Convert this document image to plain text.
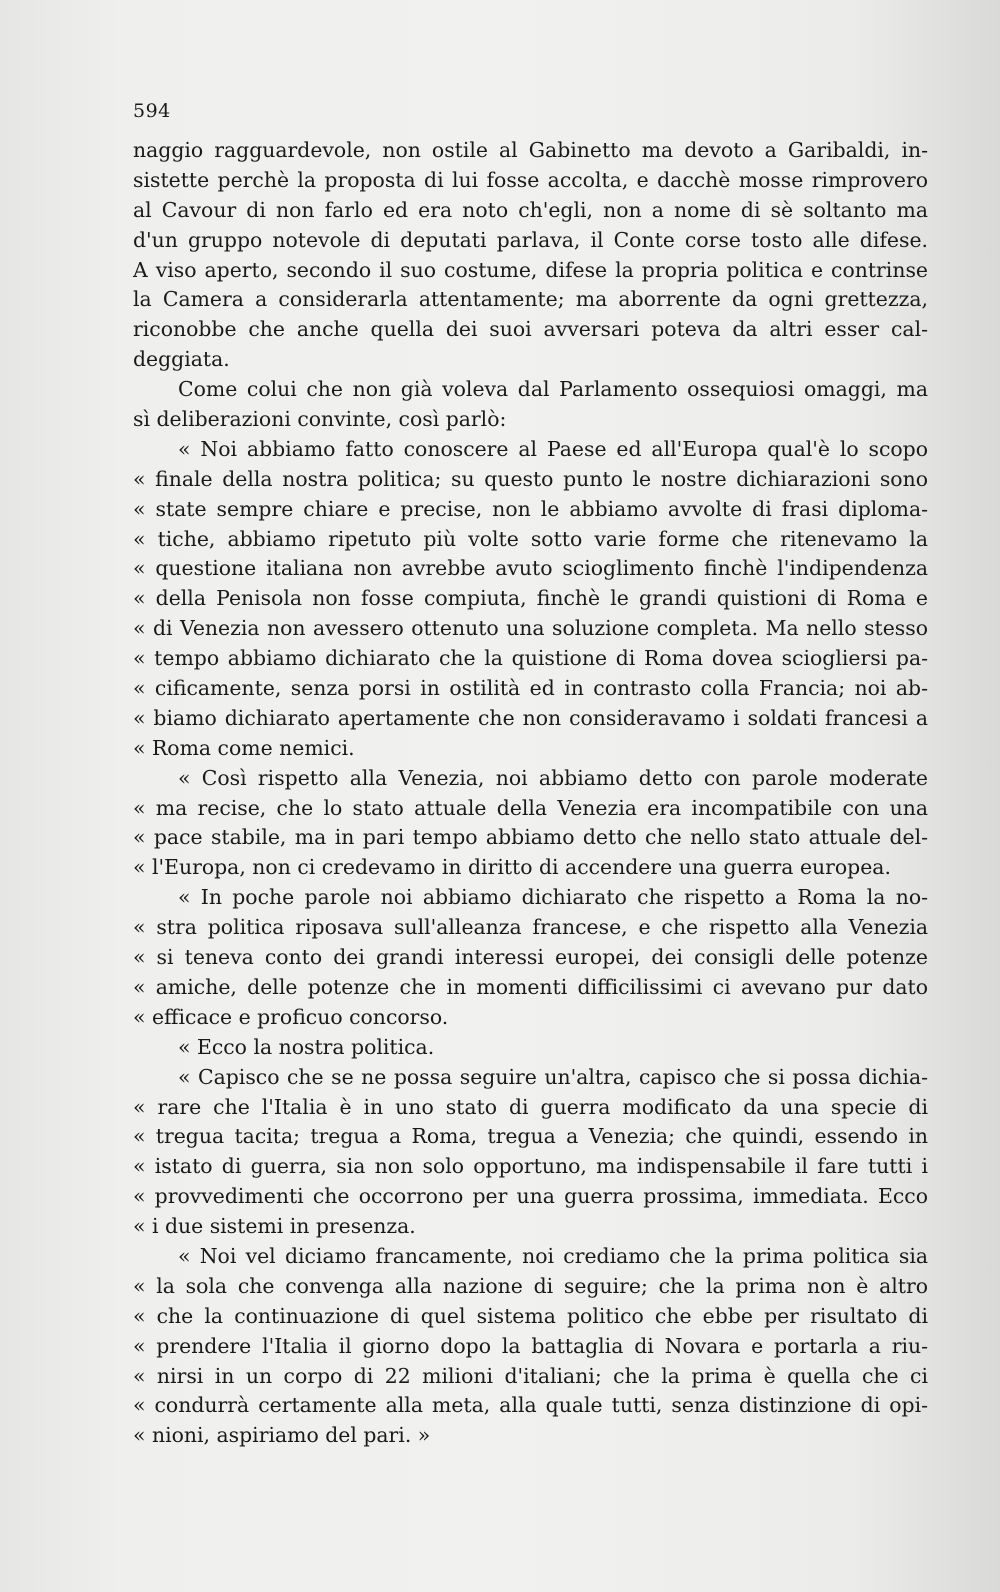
594
naggio ragguardevole, non ostile al Gabinetto ma devoto a Garibaldi, in-
sistette perchè la proposta di lui fosse accolta, e dacchè mosse rimprovero
al Cavour di non farlo ed era noto ch'egli, non a nome di sè soltanto ma
d'un gruppo notevole di deputati parlava, il Conte corse tosto alle difese.
A viso aperto, secondo il suo costume, difese la propria politica e contrinse
la Camera a considerarla attentamente; ma aborrente da ogni grettezza,
riconobbe che anche quella dei suoi avversari poteva da altri esser cal-
deggiata.
Come colui che non già voleva dal Parlamento ossequiosi omaggi, ma
sì deliberazioni convinte, così parlò:
« Noi abbiamo fatto conoscere al Paese ed all'Europa qual'è lo scopo
« finale della nostra politica; su questo punto le nostre dichiarazioni sono
« state sempre chiare e precise, non le abbiamo avvolte di frasi diploma-
« tiche, abbiamo ripetuto più volte sotto varie forme che ritenevamo la
« questione italiana non avrebbe avuto scioglimento finchè l'indipendenza
« della Penisola non fosse compiuta, finchè le grandi quistioni di Roma e
« di Venezia non avessero ottenuto una soluzione completa. Ma nello stesso
« tempo abbiamo dichiarato che la quistione di Roma dovea sciogliersi pa-
« cificamente, senza porsi in ostilità ed in contrasto colla Francia; noi ab-
« biamo dichiarato apertamente che non consideravamo i soldati francesi a
« Roma come nemici.
« Così rispetto alla Venezia, noi abbiamo detto con parole moderate
« ma recise, che lo stato attuale della Venezia era incompatibile con una
« pace stabile, ma in pari tempo abbiamo detto che nello stato attuale del-
« l'Europa, non ci credevamo in diritto di accendere una guerra europea.
« In poche parole noi abbiamo dichiarato che rispetto a Roma la no-
« stra politica riposava sull'alleanza francese, e che rispetto alla Venezia
« si teneva conto dei grandi interessi europei, dei consigli delle potenze
« amiche, delle potenze che in momenti difficilissimi ci avevano pur dato
« efficace e proficuo concorso.
« Ecco la nostra politica.
« Capisco che se ne possa seguire un'altra, capisco che si possa dichia-
« rare che l'Italia è in uno stato di guerra modificato da una specie di
« tregua tacita; tregua a Roma, tregua a Venezia; che quindi, essendo in
« istato di guerra, sia non solo opportuno, ma indispensabile il fare tutti i
« provvedimenti che occorrono per una guerra prossima, immediata. Ecco
« i due sistemi in presenza.
« Noi vel diciamo francamente, noi crediamo che la prima politica sia
« la sola che convenga alla nazione di seguire; che la prima non è altro
« che la continuazione di quel sistema politico che ebbe per risultato di
« prendere l'Italia il giorno dopo la battaglia di Novara e portarla a riu-
« nirsi in un corpo di 22 milioni d'italiani; che la prima è quella che ci
« condurrà certamente alla meta, alla quale tutti, senza distinzione di opi-
« nioni, aspiriamo del pari. »
